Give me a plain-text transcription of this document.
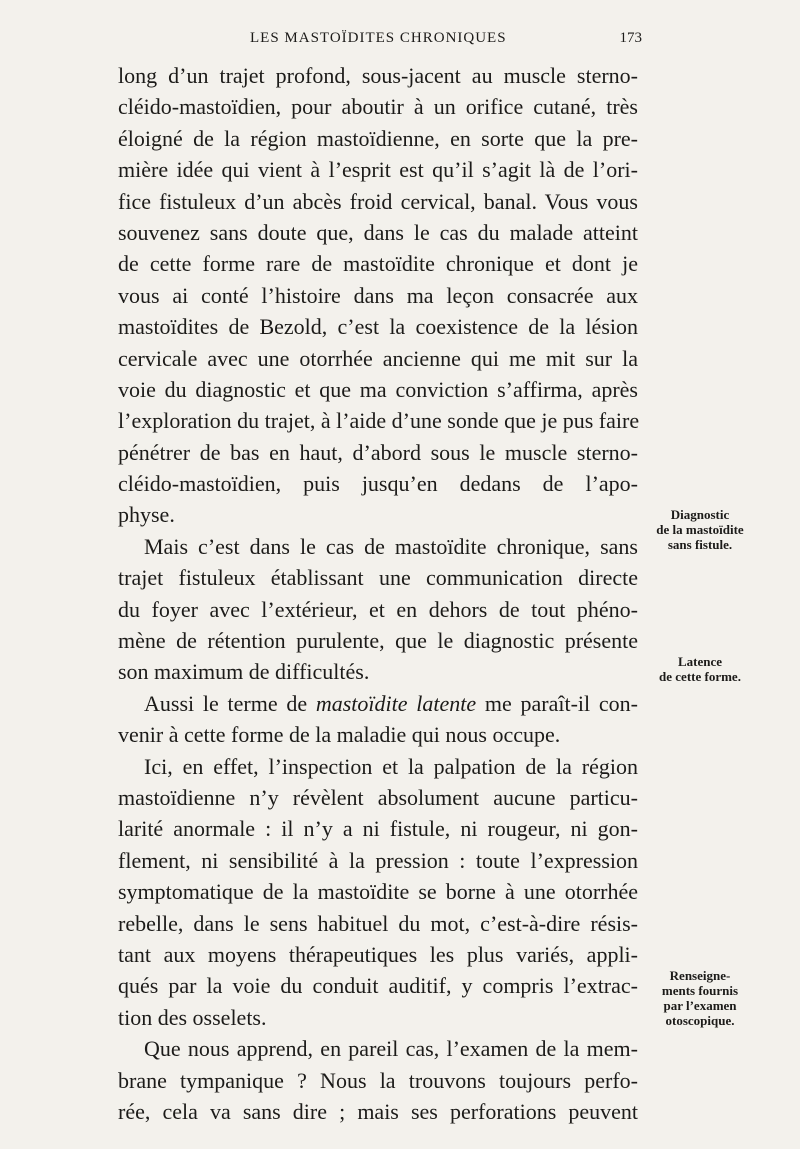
LES MASTOÏDITES CHRONIQUES	173
long d’un trajet profond, sous-jacent au muscle sterno-
cléido-mastoïdien, pour aboutir à un orifice cutané, très
éloigné de la région mastoïdienne, en sorte que la pre-
mière idée qui vient à l’esprit est qu’il s’agit là de l’ori-
fice fistuleux d’un abcès froid cervical, banal. Vous vous
souvenez sans doute que, dans le cas du malade atteint
de cette forme rare de mastoïdite chronique et dont je
vous ai conté l’histoire dans ma leçon consacrée aux
mastoïdites de Bezold, c’est la coexistence de la lésion
cervicale avec une otorrhée ancienne qui me mit sur la
voie du diagnostic et que ma conviction s’affirma, après
l’exploration du trajet, à l’aide d’une sonde que je pus faire
pénétrer de bas en haut, d’abord sous le muscle sterno-
cléido-mastoïdien, puis jusqu’en dedans de l’apo-
physe.
Mais c’est dans le cas de mastoïdite chronique, sans
trajet fistuleux établissant une communication directe
du foyer avec l’extérieur, et en dehors de tout phéno-
mène de rétention purulente, que le diagnostic présente
son maximum de difficultés.
Aussi le terme de mastoïdite latente me paraît-il con-
venir à cette forme de la maladie qui nous occupe.
Ici, en effet, l’inspection et la palpation de la région
mastoïdienne n’y révèlent absolument aucune particu-
larité anormale : il n’y a ni fistule, ni rougeur, ni gon-
flement, ni sensibilité à la pression : toute l’expression
symptomatique de la mastoïdite se borne à une otorrhée
rebelle, dans le sens habituel du mot, c’est-à-dire résis-
tant aux moyens thérapeutiques les plus variés, appli-
qués par la voie du conduit auditif, y compris l’extrac-
tion des osselets.
Que nous apprend, en pareil cas, l’examen de la mem-
brane tympanique ? Nous la trouvons toujours perfo-
rée, cela va sans dire ; mais ses perforations peuvent
Diagnostic
de la mastoïdite
sans fistule.
Latence
de cette forme.
Renseigne-
ments fournis
par l’examen
otoscopique.
